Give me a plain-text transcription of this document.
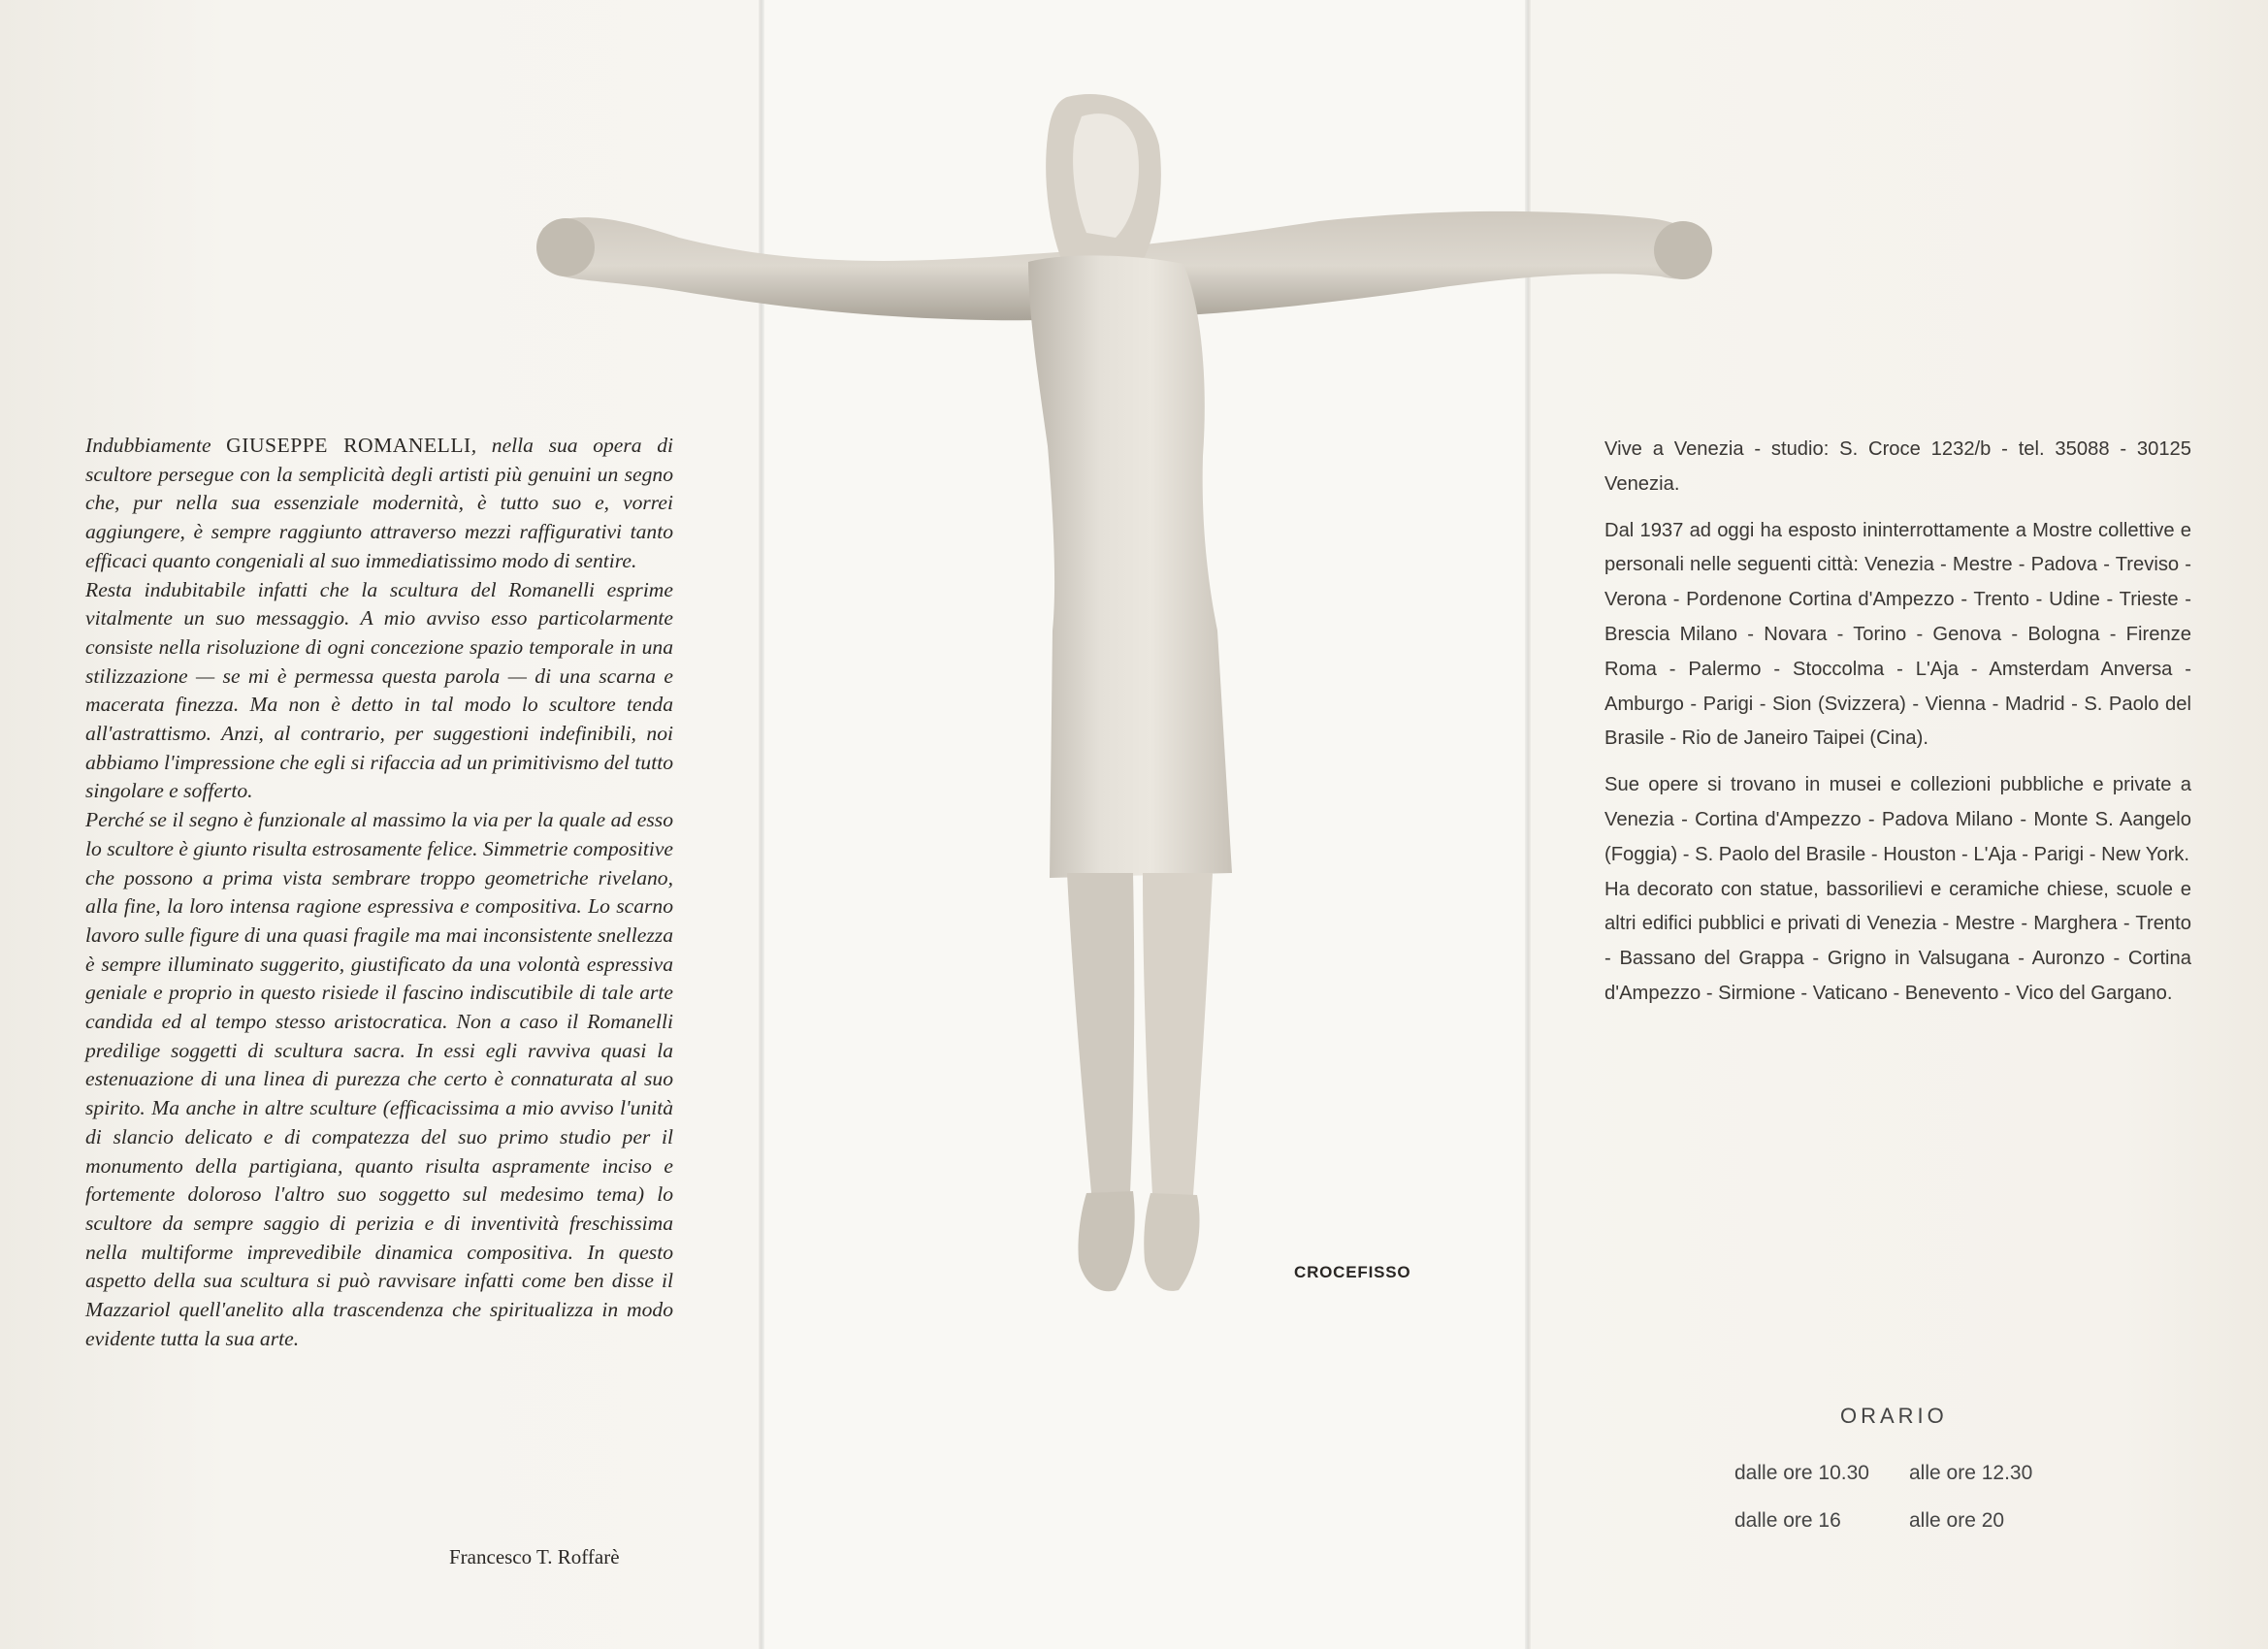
Indubbiamente GIUSEPPE ROMANELLI, nella sua opera di scultore persegue con la semplicità degli artisti più genuini un segno che, pur nella sua essenziale modernità, è tutto suo e, vorrei aggiungere, è sempre raggiunto attraverso mezzi raffigurativi tanto efficaci quanto congeniali al suo immediatissimo modo di sentire.

Resta indubitabile infatti che la scultura del Romanelli esprime vitalmente un suo messaggio. A mio avviso esso particolarmente consiste nella risoluzione di ogni concezione spazio temporale in una stilizzazione — se mi è permessa questa parola — di una scarna e macerata finezza. Ma non è detto in tal modo lo scultore tenda all'astrattismo. Anzi, al contrario, per suggestioni indefinibili, noi abbiamo l'impressione che egli si rifaccia ad un primitivismo del tutto singolare e sofferto.

Perché se il segno è funzionale al massimo la via per la quale ad esso lo scultore è giunto risulta estrosamente felice. Simmetrie compositive che possono a prima vista sembrare troppo geometriche rivelano, alla fine, la loro intensa ragione espressiva e compositiva. Lo scarno lavoro sulle figure di una quasi fragile ma mai inconsistente snellezza è sempre illuminato suggerito, giustificato da una volontà espressiva geniale e proprio in questo risiede il fascino indiscutibile di tale arte candida ed al tempo stesso aristocratica. Non a caso il Romanelli predilige soggetti di scultura sacra. In essi egli ravviva quasi la estenuazione di una linea di purezza che certo è connaturata al suo spirito. Ma anche in altre sculture (efficacissima a mio avviso l'unità di slancio delicato e di compatezza del suo primo studio per il monumento della partigiana, quanto risulta aspramente inciso e fortemente doloroso l'altro suo soggetto sul medesimo tema) lo scultore da sempre saggio di perizia e di inventività freschissima nella multiforme imprevedibile dinamica compositiva. In questo aspetto della sua scultura si può ravvisare infatti come ben disse il Mazzariol quell'anelito alla trascendenza che spiritualizza in modo evidente tutta la sua arte.

Francesco T. Roffarè
CROCEFISSO

Vive a Venezia - studio: S. Croce 1232/b - tel. 35088 - 30125 Venezia.

Dal 1937 ad oggi ha esposto ininterrottamente a Mostre collettive e personali nelle seguenti città: Venezia - Mestre - Padova - Treviso - Verona - Pordenone Cortina d'Ampezzo - Trento - Udine - Trieste - Brescia Milano - Novara - Torino - Genova - Bologna - Firenze Roma - Palermo - Stoccolma - L'Aja - Amsterdam Anversa - Amburgo - Parigi - Sion (Svizzera) - Vienna - Madrid - S. Paolo del Brasile - Rio de Janeiro Taipei (Cina).

Sue opere si trovano in musei e collezioni pubbliche e private a Venezia - Cortina d'Ampezzo - Padova Milano - Monte S. Aangelo (Foggia) - S. Paolo del Brasile - Houston - L'Aja - Parigi - New York.

Ha decorato con statue, bassorilievi e ceramiche chiese, scuole e altri edifici pubblici e privati di Venezia - Mestre - Marghera - Trento - Bassano del Grappa - Grigno in Valsugana - Auronzo - Cortina d'Ampezzo - Sirmione - Vaticano - Benevento - Vico del Gargano.

ORARIO
dalle ore 10.30 alle ore 12.30
dalle ore 16	alle ore 20
